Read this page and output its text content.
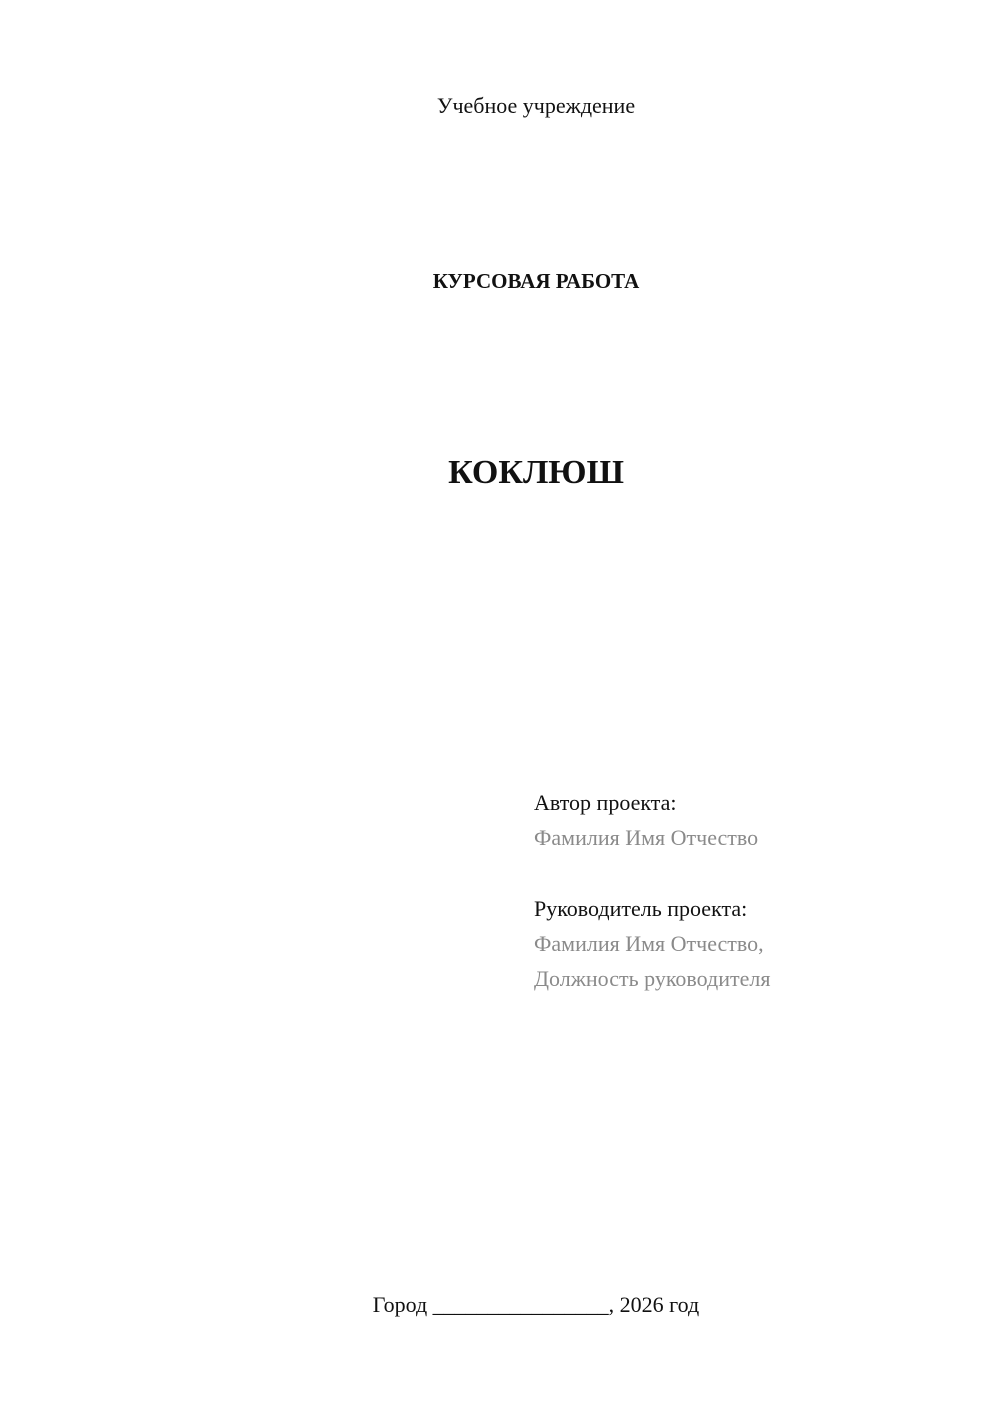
Учебное учреждение
КУРСОВАЯ РАБОТА
КОКЛЮШ
Автор проекта:
Фамилия Имя Отчество
Руководитель проекта:
Фамилия Имя Отчество,
Должность руководителя
Город ________________, 2026 год
